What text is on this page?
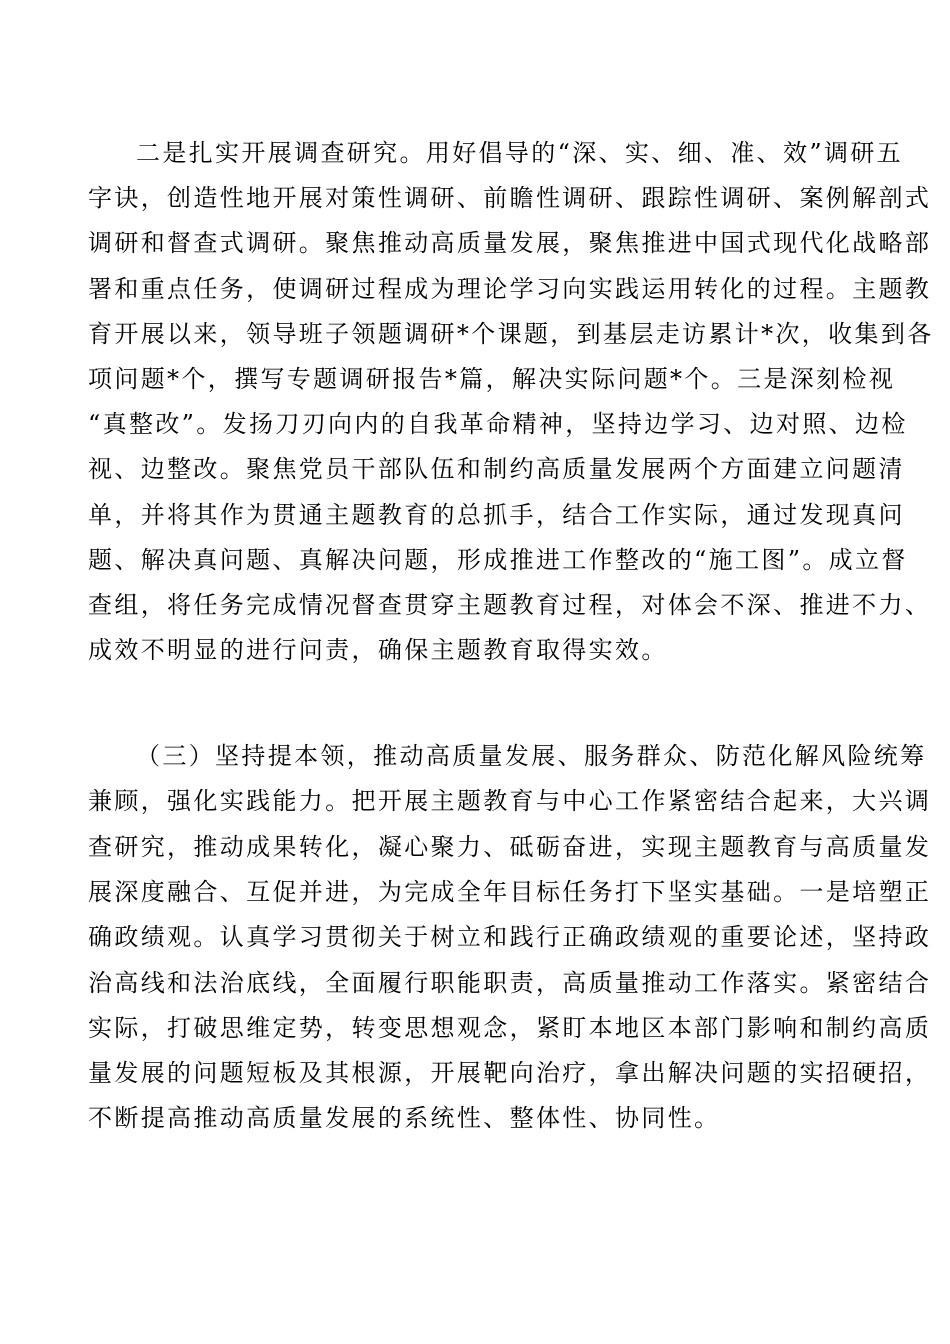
二是扎实开展调查研究。用好倡导的“深、实、细、准、效”调研五
字诀，创造性地开展对策性调研、前瞻性调研、跟踪性调研、案例解剖式
调研和督查式调研。聚焦推动高质量发展，聚焦推进中国式现代化战略部
署和重点任务，使调研过程成为理论学习向实践运用转化的过程。主题教
育开展以来，领导班子领题调研*个课题，到基层走访累计*次，收集到各
项问题*个，撰写专题调研报告*篇，解决实际问题*个。三是深刻检视
“真整改”。发扬刀刃向内的自我革命精神，坚持边学习、边对照、边检
视、边整改。聚焦党员干部队伍和制约高质量发展两个方面建立问题清
单，并将其作为贯通主题教育的总抓手，结合工作实际，通过发现真问
题、解决真问题、真解决问题，形成推进工作整改的“施工图”。成立督
查组，将任务完成情况督查贯穿主题教育过程，对体会不深、推进不力、
成效不明显的进行问责，确保主题教育取得实效。
（三）坚持提本领，推动高质量发展、服务群众、防范化解风险统筹
兼顾，强化实践能力。把开展主题教育与中心工作紧密结合起来，大兴调
查研究，推动成果转化，凝心聚力、砥砺奋进，实现主题教育与高质量发
展深度融合、互促并进，为完成全年目标任务打下坚实基础。一是培塑正
确政绩观。认真学习贯彻关于树立和践行正确政绩观的重要论述，坚持政
治高线和法治底线，全面履行职能职责，高质量推动工作落实。紧密结合
实际，打破思维定势，转变思想观念，紧盯本地区本部门影响和制约高质
量发展的问题短板及其根源，开展靶向治疗，拿出解决问题的实招硬招，
不断提高推动高质量发展的系统性、整体性、协同性。
